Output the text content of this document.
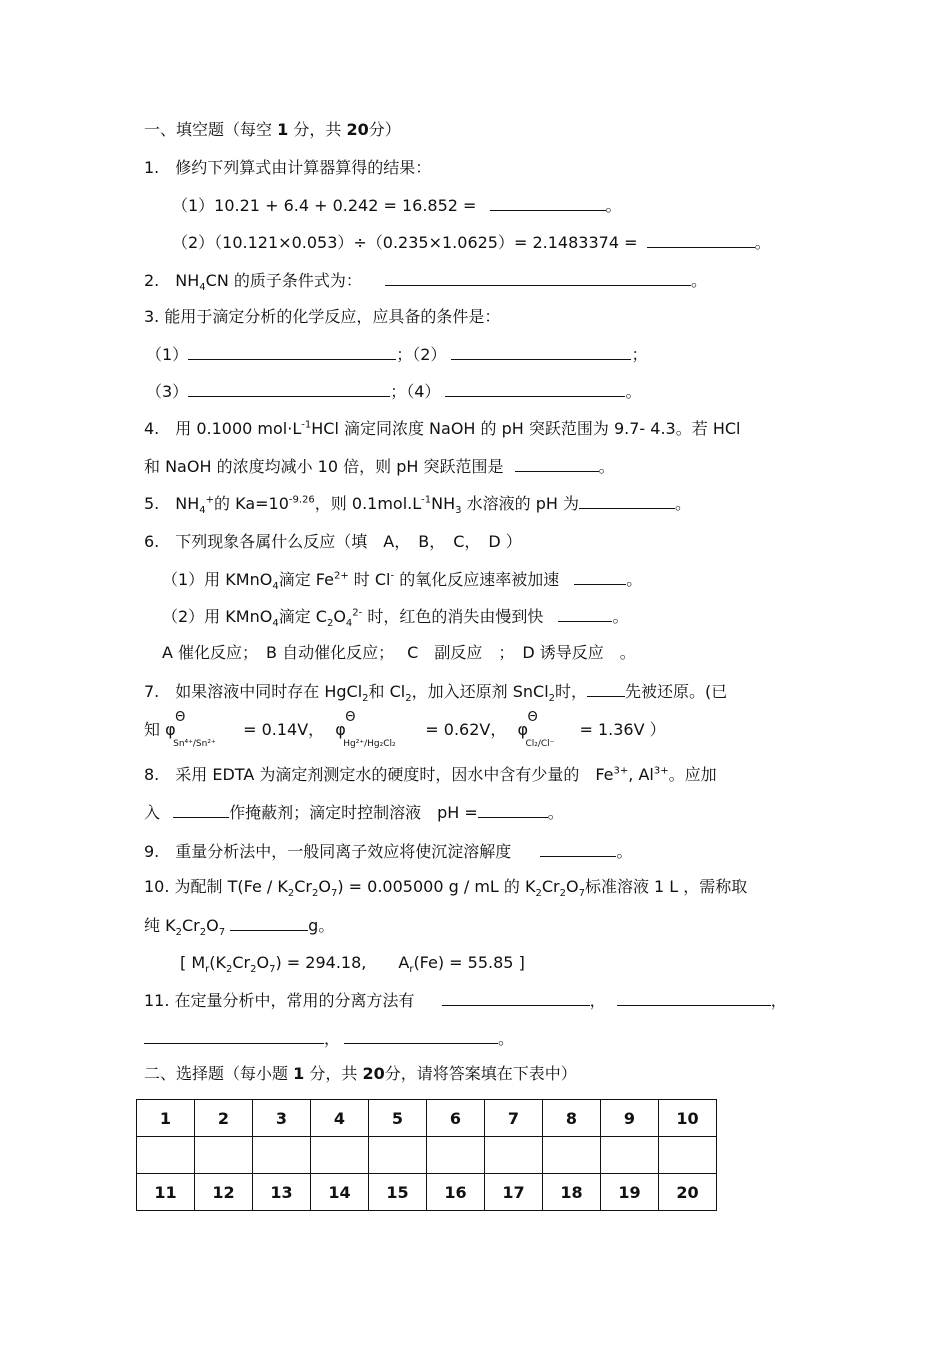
一、填空题（每空 1 分，共 20分）
1.　修约下列算式由计算器算得的结果：
（1）10.21 + 6.4 + 0.242 = 16.852 =	。
（2）（10.121×0.053）÷（0.235×1.0625）= 2.1483374 =	。
2.　$NH_4CN$ 的质子条件式为：	。
3. 能用于滴定分析的化学反应，应具备的条件是：
（1）	；（2）	；
（3）	；（4）	。
4.　用 0.1000 $mol\cdot L^{-1}HCl$ 滴定同浓度 NaOH 的 pH 突跃范围为 9.7- 4.3。若 HCl
和 NaOH 的浓度均减小 10 倍，则 pH 突跃范围是	。
5.　$NH_4^+$的 $Ka=10^{-9.26}$，则 $0.1mol.L^{-1}NH_3$ 水溶液的 pH 为	。
6.　下列现象各属什么反应（填　A，　B，　C，　D ）
（1）用 KMnO$_4$滴定 $Fe^{2+}$ 时 Cl- 的氧化反应速率被加速	。
（2）用 KMnO$_4$滴定 $C_2O_4^{2-}$ 时，红色的消失由慢到快	。
A 催化反应；　B 自动催化反应；　 C　副反应　；　D 诱导反应　。
7.　如果溶液中同时存在 HgCl$_2$和 $Cl_2$，加入还原剂 SnCl$_2$时， 先被还原。(已
知 φ
Θ
Sn⁴⁺/Sn²⁺
= 0.14V， φ
Θ
Hg²⁺/Hg₂Cl₂
= 0.62V， φ
Θ
Cl₂/Cl⁻
= 1.36V ）
8.　采用 EDTA 为滴定剂测定水的硬度时，因水中含有少量的　$Fe^{3+}$, $Al^{3+}$。应加
入	作掩蔽剂；滴定时控制溶液　pH =	。
9.　重量分析法中，一般同离子效应将使沉淀溶解度	。
10. 为配制 $T(Fe / K_2Cr_2O_7) = 0.005000$ g / mL 的 $K_2Cr_2O_7$标准溶液 1 L ，需称取
纯 $K_2Cr_2O_7$	g。
[ $M_r(K_2Cr_2O_7) = 294.18$,　　$A_r(Fe) = 55.85$ ]
11. 在定量分析中，常用的分离方法有	，	，
，	。
二、选择题（每小题 1 分，共 20分，请将答案填在下表中）
1	2	3	4	5	6	7	8	9	10

11	12	13	14	15	16	17	18	19	20
